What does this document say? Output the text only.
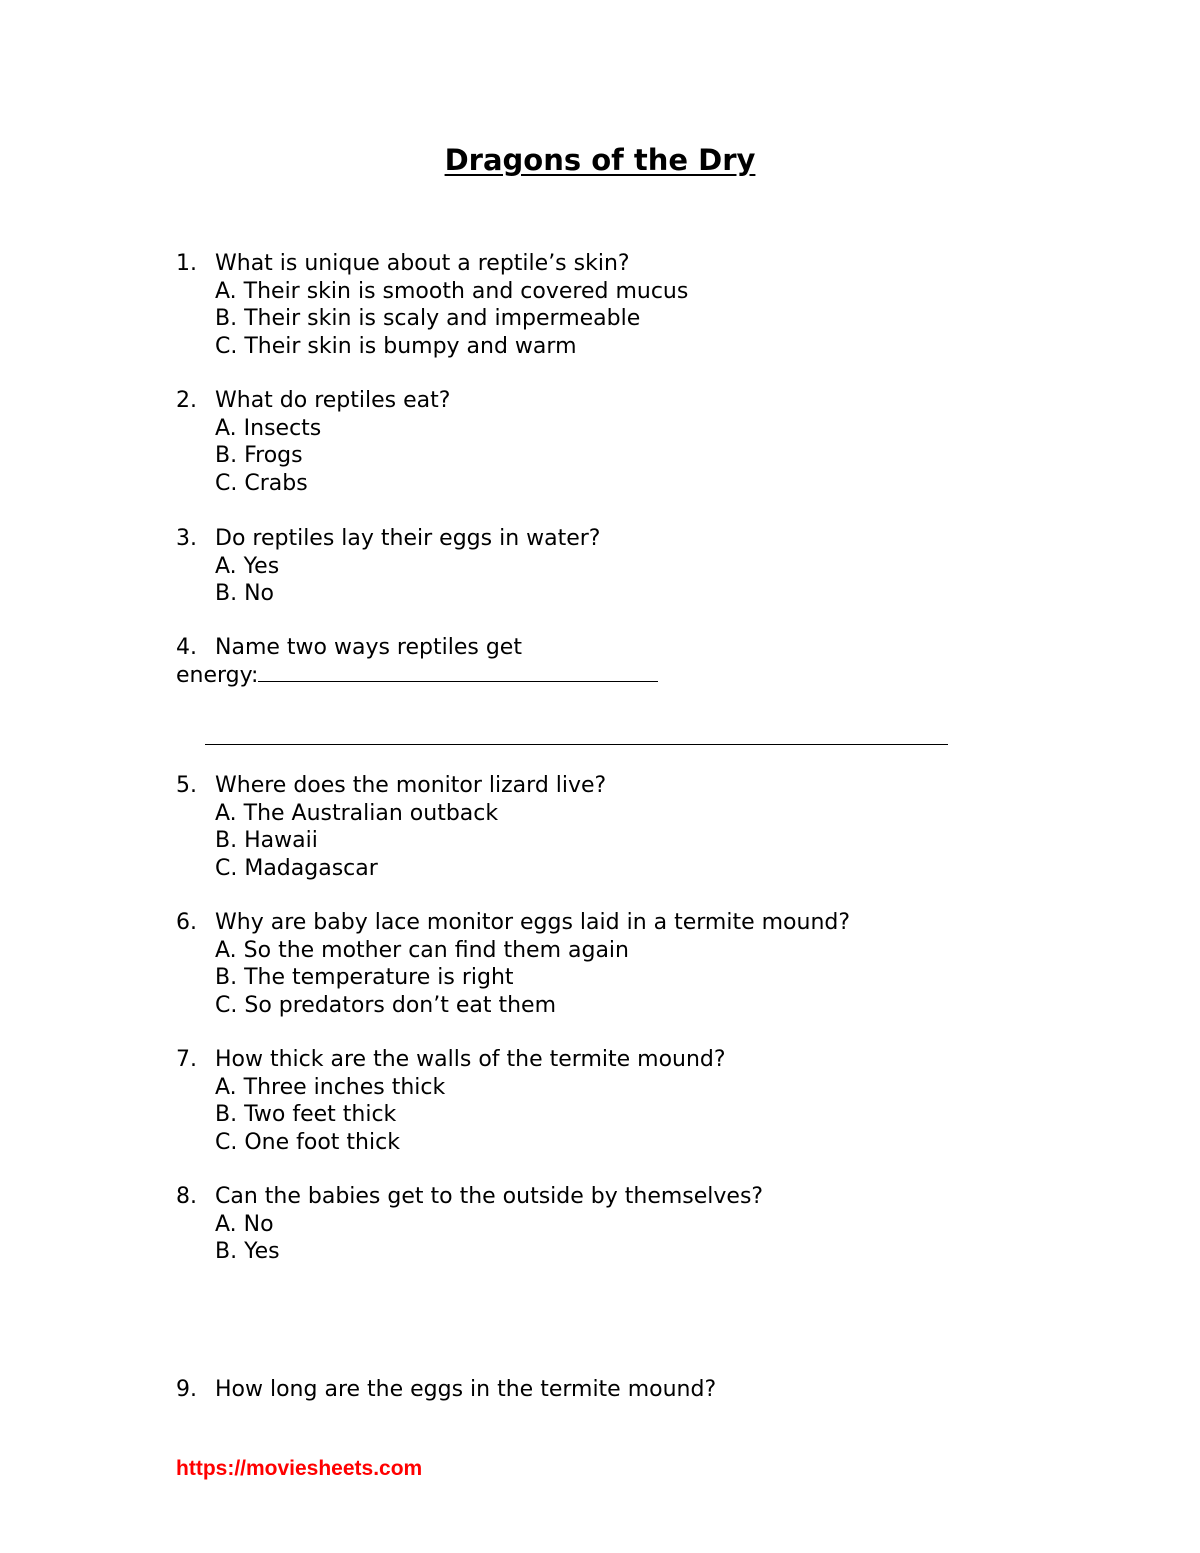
Dragons of the Dry
1. What is unique about a reptile’s skin?
A. Their skin is smooth and covered mucus
B. Their skin is scaly and impermeable
C. Their skin is bumpy and warm
2. What do reptiles eat?
A. Insects
B. Frogs
C. Crabs
3. Do reptiles lay their eggs in water?
A. Yes
B. No
4. Name two ways reptiles get
energy:
5. Where does the monitor lizard live?
A. The Australian outback
B. Hawaii
C. Madagascar
6. Why are baby lace monitor eggs laid in a termite mound?
A. So the mother can find them again
B. The temperature is right
C. So predators don’t eat them
7. How thick are the walls of the termite mound?
A. Three inches thick
B. Two feet thick
C. One foot thick
8. Can the babies get to the outside by themselves?
A. No
B. Yes
9. How long are the eggs in the termite mound?
https://moviesheets.com
